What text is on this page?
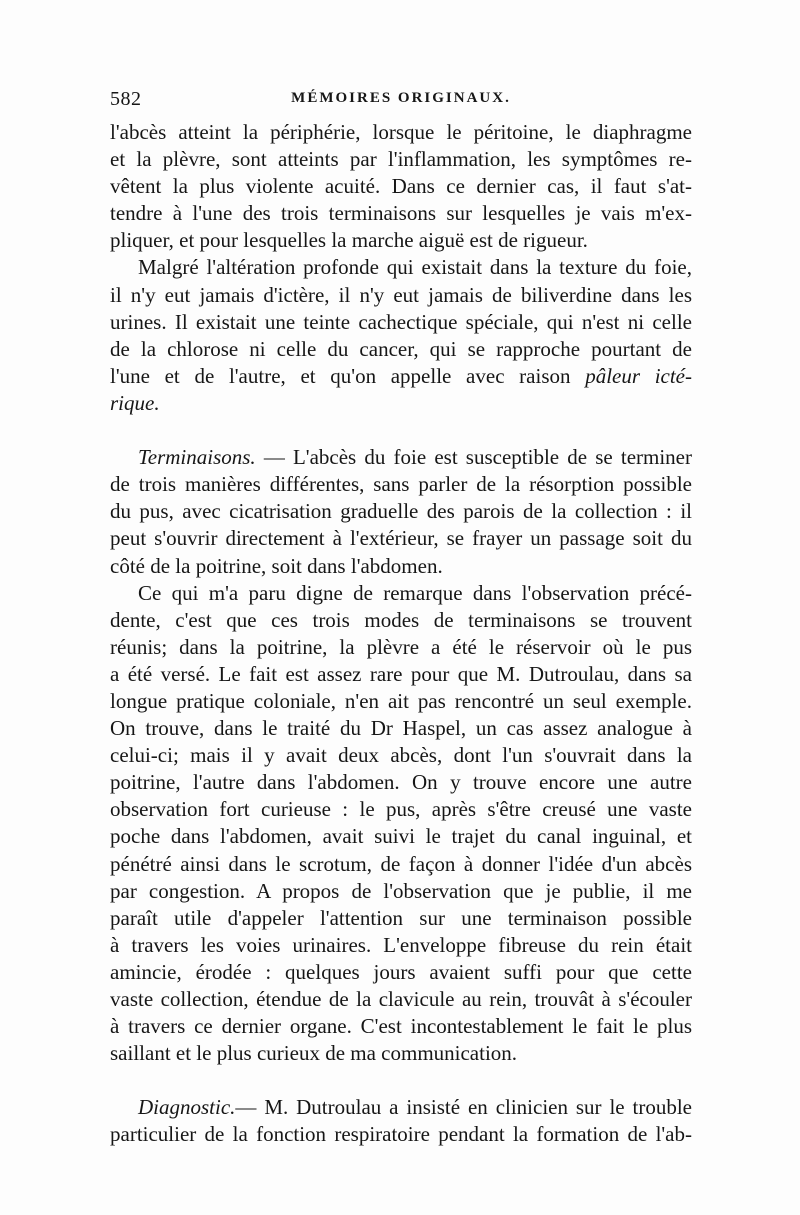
582	MÉMOIRES ORIGINAUX.
l'abcès atteint la périphérie, lorsque le péritoine, le diaphragme
et la plèvre, sont atteints par l'inflammation, les symptômes re-
vêtent la plus violente acuité. Dans ce dernier cas, il faut s'at-
tendre à l'une des trois terminaisons sur lesquelles je vais m'ex-
pliquer, et pour lesquelles la marche aiguë est de rigueur.
Malgré l'altération profonde qui existait dans la texture du foie,
il n'y eut jamais d'ictère, il n'y eut jamais de biliverdine dans les
urines. Il existait une teinte cachectique spéciale, qui n'est ni celle
de la chlorose ni celle du cancer, qui se rapproche pourtant de
l'une et de l'autre, et qu'on appelle avec raison pâleur icté-
rique.
Terminaisons. — L'abcès du foie est susceptible de se terminer
de trois manières différentes, sans parler de la résorption possible
du pus, avec cicatrisation graduelle des parois de la collection : il
peut s'ouvrir directement à l'extérieur, se frayer un passage soit du
côté de la poitrine, soit dans l'abdomen.
Ce qui m'a paru digne de remarque dans l'observation précé-
dente, c'est que ces trois modes de terminaisons se trouvent
réunis; dans la poitrine, la plèvre a été le réservoir où le pus
a été versé. Le fait est assez rare pour que M. Dutroulau, dans sa
longue pratique coloniale, n'en ait pas rencontré un seul exemple.
On trouve, dans le traité du Dr Haspel, un cas assez analogue à
celui-ci; mais il y avait deux abcès, dont l'un s'ouvrait dans la
poitrine, l'autre dans l'abdomen. On y trouve encore une autre
observation fort curieuse : le pus, après s'être creusé une vaste
poche dans l'abdomen, avait suivi le trajet du canal inguinal, et
pénétré ainsi dans le scrotum, de façon à donner l'idée d'un abcès
par congestion. A propos de l'observation que je publie, il me
paraît utile d'appeler l'attention sur une terminaison possible
à travers les voies urinaires. L'enveloppe fibreuse du rein était
amincie, érodée : quelques jours avaient suffi pour que cette
vaste collection, étendue de la clavicule au rein, trouvât à s'écouler
à travers ce dernier organe. C'est incontestablement le fait le plus
saillant et le plus curieux de ma communication.
Diagnostic.— M. Dutroulau a insisté en clinicien sur le trouble
particulier de la fonction respiratoire pendant la formation de l'ab-
